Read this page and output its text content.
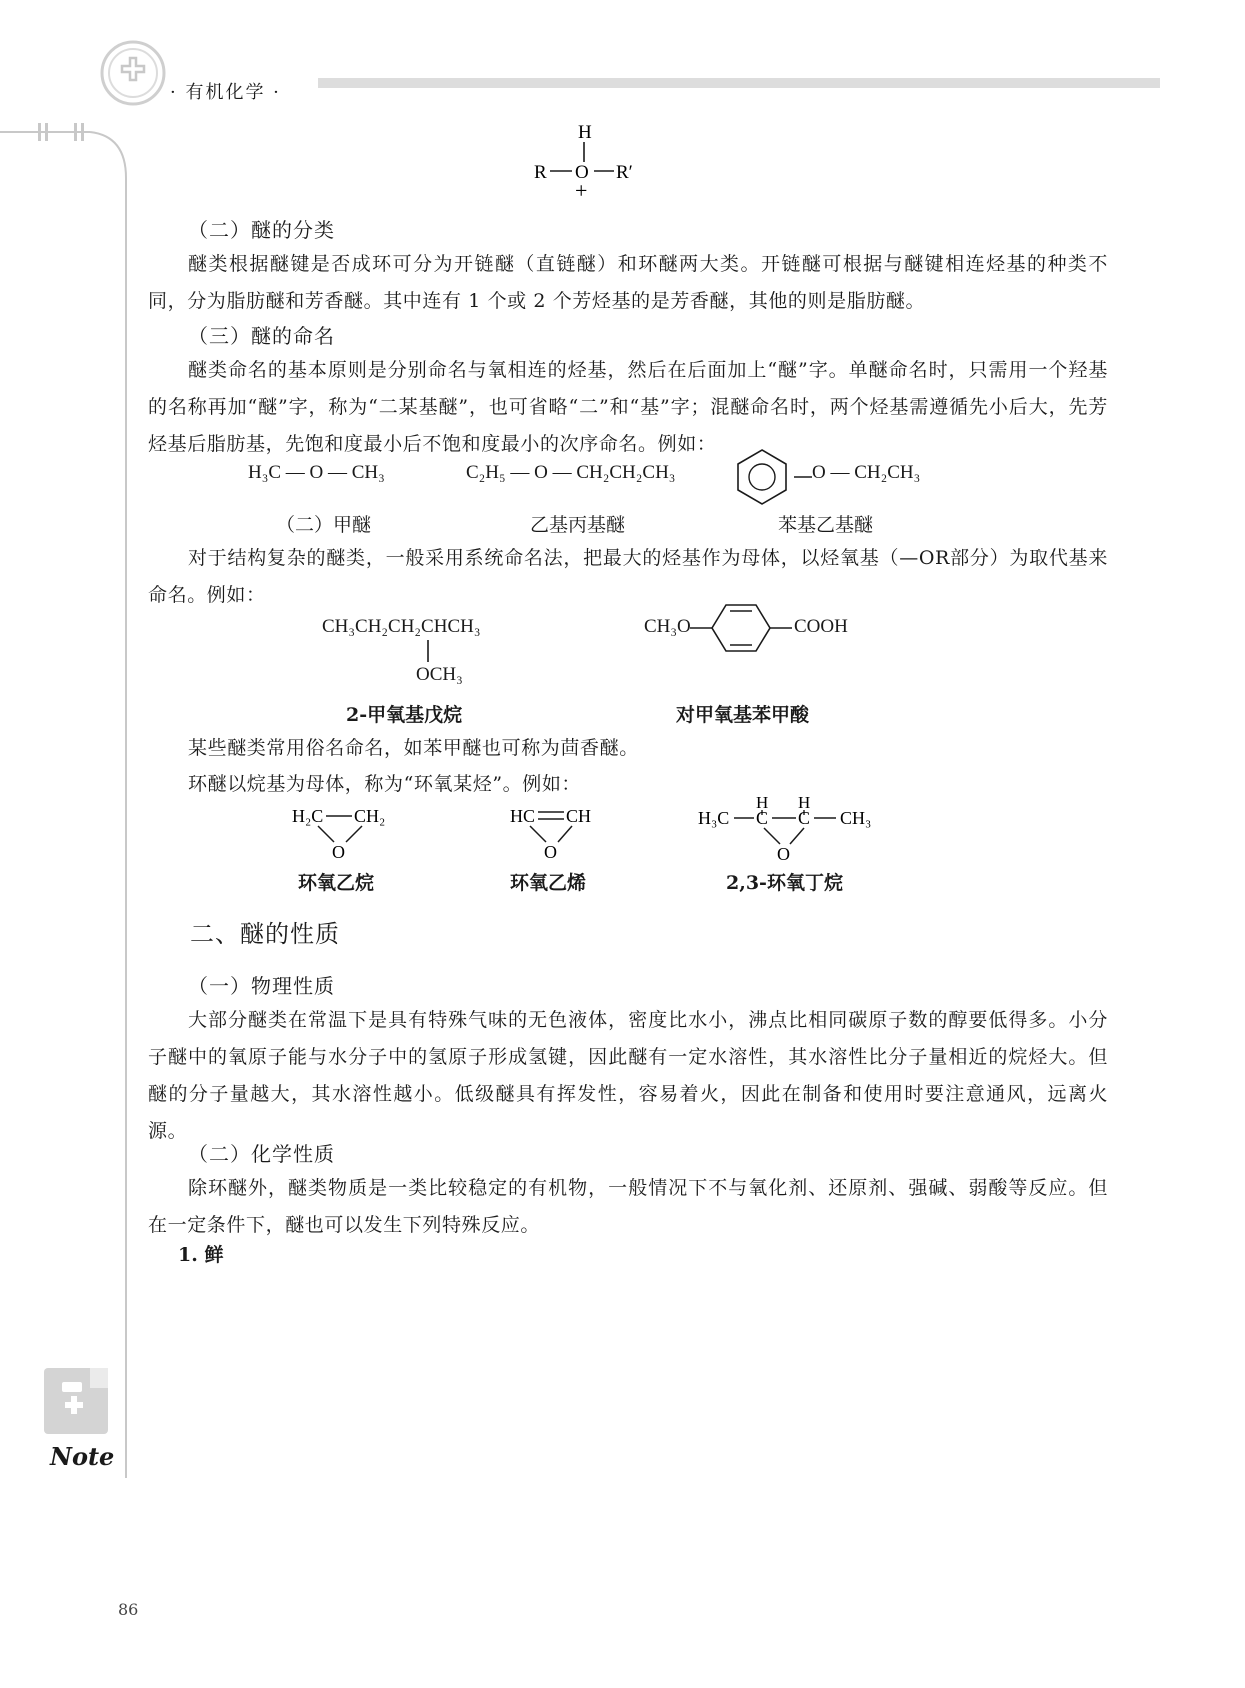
· 有机化学 ·
H
R O R′
+
（二）醚的分类
醚类根据醚键是否成环可分为开链醚（直链醚）和环醚两大类。开链醚可根据与醚键相连烃基的种类不同，分为脂肪醚和芳香醚。其中连有 1 个或 2 个芳烃基的是芳香醚，其他的则是脂肪醚。
（三）醚的命名
醚类命名的基本原则是分别命名与氧相连的烃基，然后在后面加上“醚”字。单醚命名时，只需用一个羟基的名称再加“醚”字，称为“二某基醚”，也可省略“二”和“基”字；混醚命名时，两个烃基需遵循先小后大，先芳烃基后脂肪基，先饱和度最小后不饱和度最小的次序命名。例如：
H₃C — O — CH₃	C₂H₅ — O — CH₂CH₂CH₃	O — CH₂CH₃
（二）甲醚	乙基丙基醚	苯基乙基醚
对于结构复杂的醚类，一般采用系统命名法，把最大的烃基作为母体，以烃氧基（—OR部分）为取代基来命名。例如：
CH₃CH₂CH₂CHCH₃
OCH₃
2-甲氧基戊烷
CH₃O	COOH
对甲氧基苯甲酸
某些醚类常用俗名命名，如苯甲醚也可称为茴香醚。
环醚以烷基为母体，称为“环氧某烃”。例如：
H₂C CH₂
O
环氧乙烷
HC CH
O
环氧乙烯
H H
H₃C C C CH₃
O
2,3-环氧丁烷
二、醚的性质
（一）物理性质
大部分醚类在常温下是具有特殊气味的无色液体，密度比水小，沸点比相同碳原子数的醇要低得多。小分子醚中的氧原子能与水分子中的氢原子形成氢键，因此醚有一定水溶性，其水溶性比分子量相近的烷烃大。但醚的分子量越大，其水溶性越小。低级醚具有挥发性，容易着火，因此在制备和使用时要注意通风，远离火源。
（二）化学性质
除环醚外，醚类物质是一类比较稳定的有机物，一般情况下不与氧化剂、还原剂、强碱、弱酸等反应。但在一定条件下，醚也可以发生下列特殊反应。
1. 鲜
Note
86
